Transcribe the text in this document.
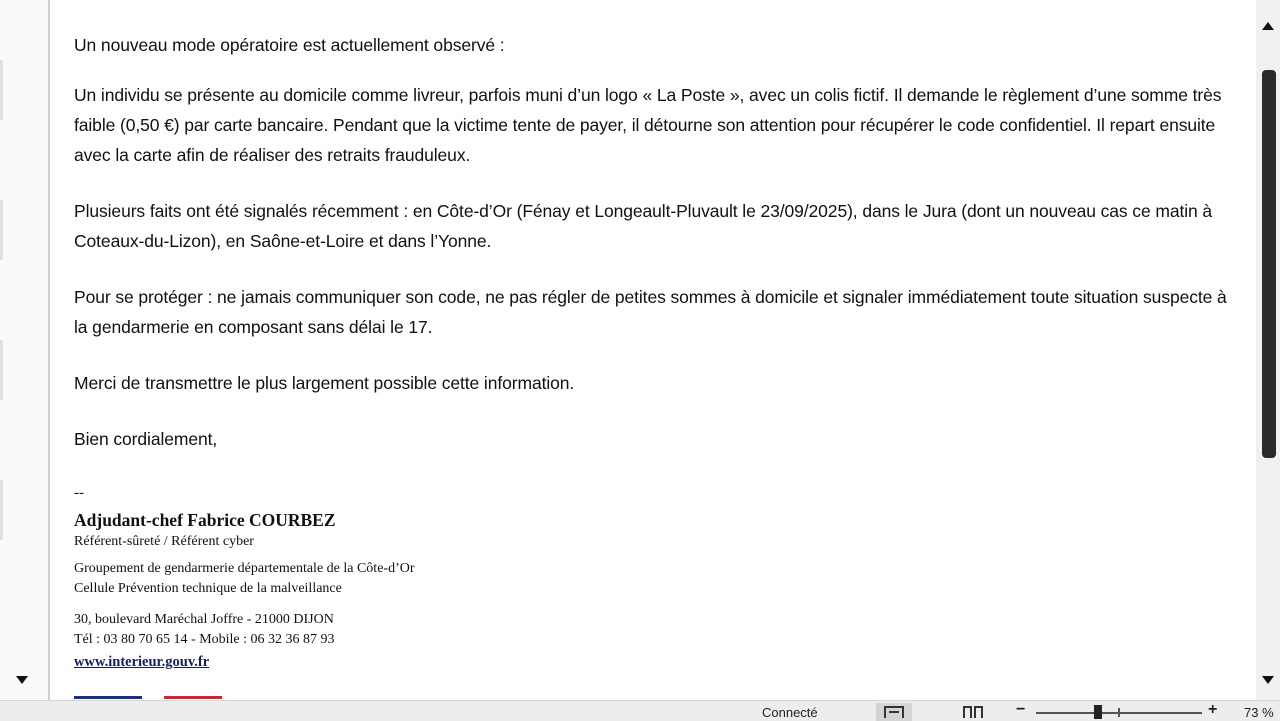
Un nouveau mode opératoire est actuellement observé :

Un individu se présente au domicile comme livreur, parfois muni d’un logo « La Poste », avec un colis fictif. Il demande le règlement d’une somme très faible (0,50 €) par carte bancaire. Pendant que la victime tente de payer, il détourne son attention pour récupérer le code confidentiel. Il repart ensuite avec la carte afin de réaliser des retraits frauduleux.

Plusieurs faits ont été signalés récemment : en Côte-d’Or (Fénay et Longeault-Pluvault le 23/09/2025), dans le Jura (dont un nouveau cas ce matin à Coteaux-du-Lizon), en Saône-et-Loire et dans l’Yonne.

Pour se protéger : ne jamais communiquer son code, ne pas régler de petites sommes à domicile et signaler immédiatement toute situation suspecte à la gendarmerie en composant sans délai le 17.

Merci de transmettre le plus largement possible cette information.

Bien cordialement,

--
Adjudant-chef Fabrice COURBEZ
Référent-sûreté / Référent cyber
Groupement de gendarmerie départementale de la Côte-d’Or
Cellule Prévention technique de la malveillance
30, boulevard Maréchal Joffre - 21000 DIJON
Tél : 03 80 70 65 14 - Mobile : 06 32 36 87 93
www.interieur.gouv.fr
Connecté	−	+ 73 %
